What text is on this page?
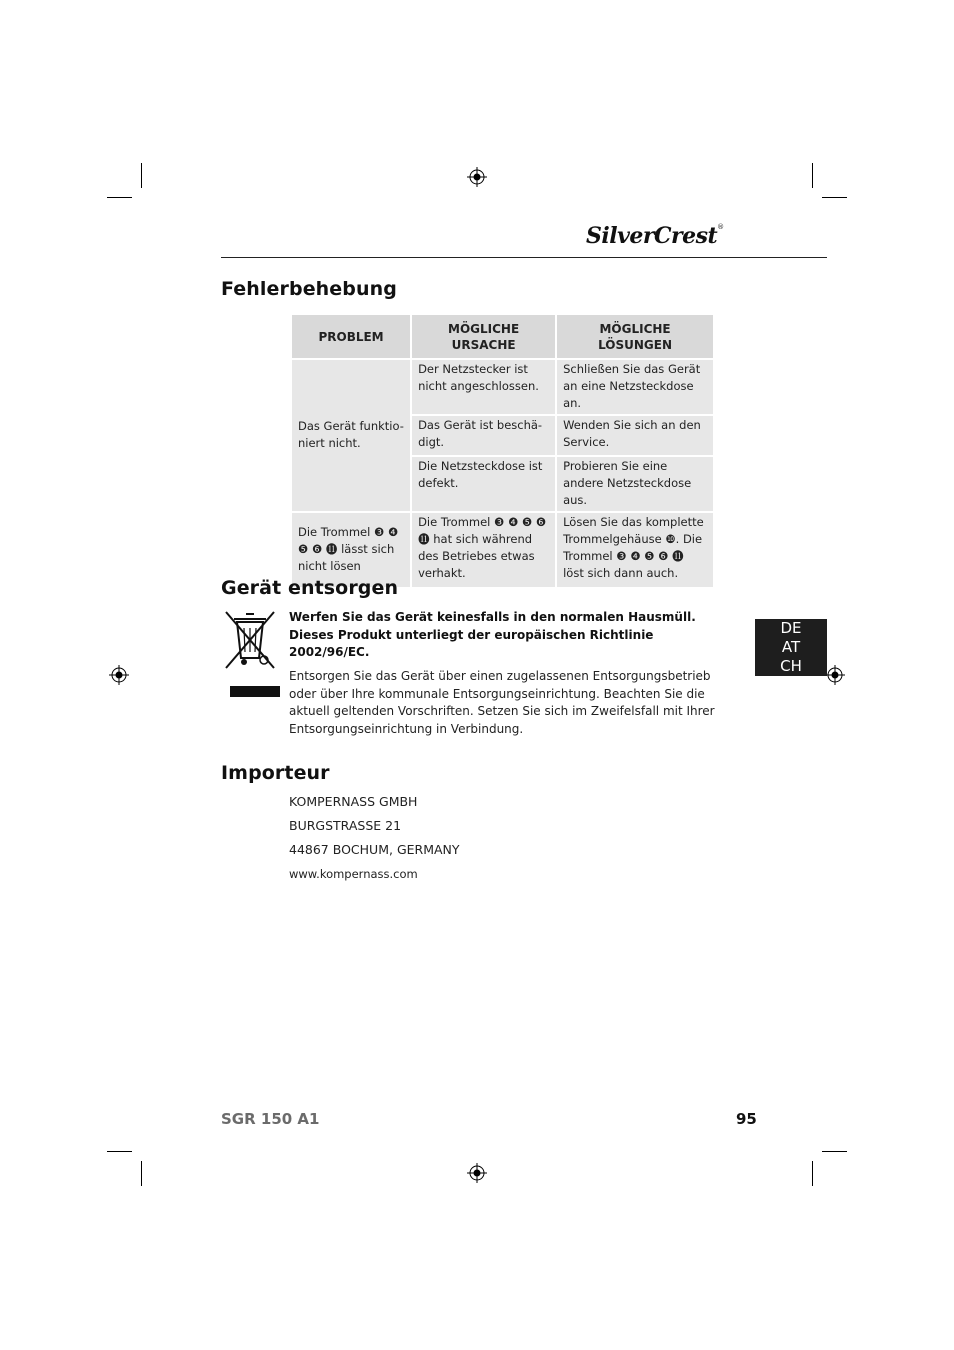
SilverCrest®
Fehlerbehebung
PROBLEM	MÖGLICHE URSACHE	MÖGLICHE LÖSUNGEN
Das Gerät funktio-niert nicht.	Der Netzstecker ist nicht angeschlossen.	Schließen Sie das Gerät an eine Netzsteckdose an.
	Das Gerät ist beschä-digt.	Wenden Sie sich an den Service.
	Die Netzsteckdose ist defekt.	Probieren Sie eine andere Netzsteckdose aus.
Die Trommel ❸ ❹ ❺ ❻ ⓫ lässt sich nicht lösen	Die Trommel ❸ ❹ ❺ ❻ ⓫ hat sich während des Betriebes etwas verhakt.	Lösen Sie das komplette Trommelgehäuse ❿. Die Trommel ❸ ❹ ❺ ❻ ⓫ löst sich dann auch.
Gerät entsorgen
Werfen Sie das Gerät keinesfalls in den normalen Hausmüll. Dieses Produkt unterliegt der europäischen Richtlinie 2002/96/EC.
Entsorgen Sie das Gerät über einen zugelassenen Entsorgungsbetrieb oder über Ihre kommunale Entsorgungseinrichtung. Beachten Sie die aktuell geltenden Vorschriften. Setzen Sie sich im Zweifelsfall mit Ihrer Entsorgungseinrichtung in Verbindung.
DE
AT
CH
Importeur
KOMPERNASS GMBH
BURGSTRASSE 21
44867 BOCHUM, GERMANY
www.kompernass.com
SGR 150 A1	95
